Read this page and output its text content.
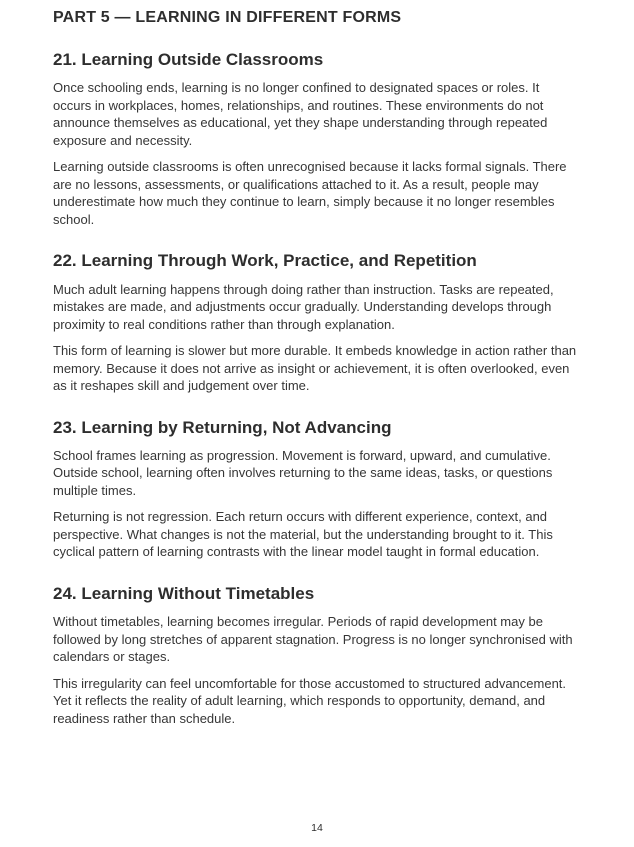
PART 5 — LEARNING IN DIFFERENT FORMS
21. Learning Outside Classrooms

Once schooling ends, learning is no longer confined to designated spaces or roles. It occurs in workplaces, homes, relationships, and routines. These environments do not announce themselves as educational, yet they shape understanding through repeated exposure and necessity.

Learning outside classrooms is often unrecognised because it lacks formal signals. There are no lessons, assessments, or qualifications attached to it. As a result, people may underestimate how much they continue to learn, simply because it no longer resembles school.

22. Learning Through Work, Practice, and Repetition

Much adult learning happens through doing rather than instruction. Tasks are repeated, mistakes are made, and adjustments occur gradually. Understanding develops through proximity to real conditions rather than through explanation.

This form of learning is slower but more durable. It embeds knowledge in action rather than memory. Because it does not arrive as insight or achievement, it is often overlooked, even as it reshapes skill and judgement over time.

23. Learning by Returning, Not Advancing

School frames learning as progression. Movement is forward, upward, and cumulative. Outside school, learning often involves returning to the same ideas, tasks, or questions multiple times.

Returning is not regression. Each return occurs with different experience, context, and perspective. What changes is not the material, but the understanding brought to it. This cyclical pattern of learning contrasts with the linear model taught in formal education.

24. Learning Without Timetables

Without timetables, learning becomes irregular. Periods of rapid development may be followed by long stretches of apparent stagnation. Progress is no longer synchronised with calendars or stages.

This irregularity can feel uncomfortable for those accustomed to structured advancement. Yet it reflects the reality of adult learning, which responds to opportunity, demand, and readiness rather than schedule.

14
